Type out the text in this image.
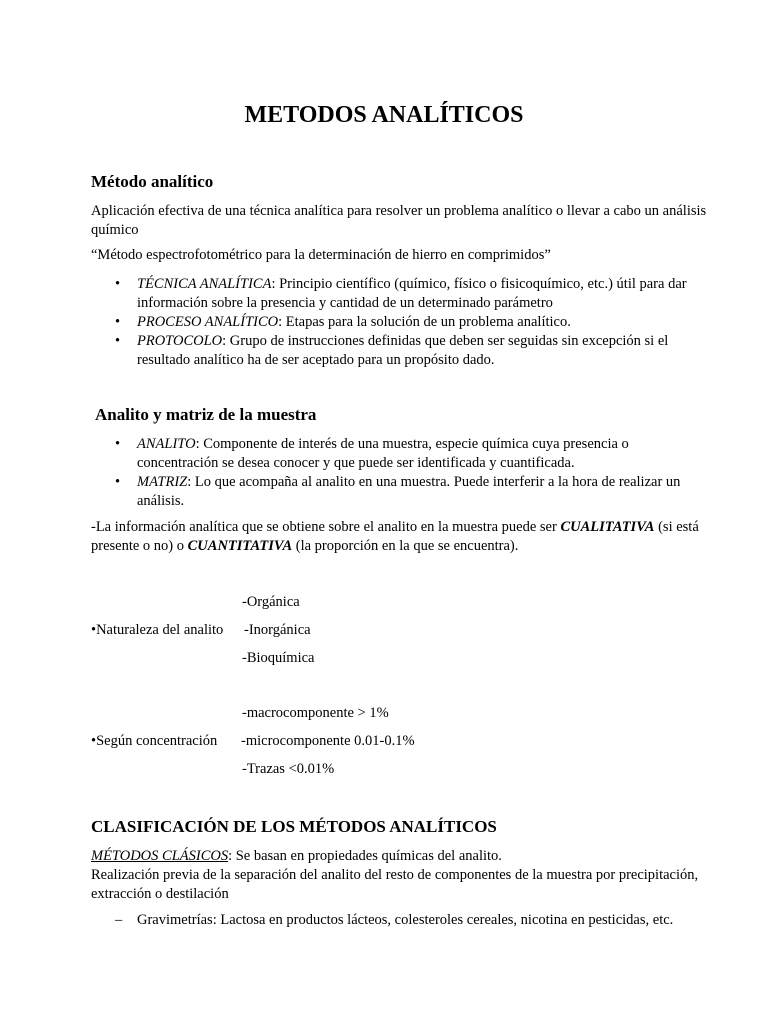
METODOS ANALÍTICOS
Método analítico
Aplicación efectiva de una técnica analítica para resolver un problema analítico o llevar a cabo un análisis químico
“Método espectrofotométrico para la determinación de hierro en comprimidos”
• TÉCNICA ANALÍTICA: Principio científico (químico, físico o fisicoquímico, etc.) útil para dar información sobre la presencia y cantidad de un determinado parámetro
• PROCESO ANALÍTICO: Etapas para la solución de un problema analítico.
• PROTOCOLO: Grupo de instrucciones definidas que deben ser seguidas sin excepción si el resultado analítico ha de ser aceptado para un propósito dado.
Analito y matriz de la muestra
• ANALITO: Componente de interés de una muestra, especie química cuya presencia o concentración se desea conocer y que puede ser identificada y cuantificada.
• MATRIZ: Lo que acompaña al analito en una muestra. Puede interferir a la hora de realizar un análisis.
-La información analítica que se obtiene sobre el analito en la muestra puede ser CUALITATIVA (si está presente o no) o CUANTITATIVA (la proporción en la que se encuentra).
-Orgánica
•Naturaleza del analito -Inorgánica
-Bioquímica
-macrocomponente > 1%
•Según concentración -microcomponente 0.01-0.1%
-Trazas <0.01%
CLASIFICACIÓN DE LOS MÉTODOS ANALÍTICOS
MÉTODOS CLÁSICOS: Se basan en propiedades químicas del analito.
Realización previa de la separación del analito del resto de componentes de la muestra por precipitación, extracción o destilación
– Gravimetrías: Lactosa en productos lácteos, colesteroles cereales, nicotina en pesticidas, etc.
